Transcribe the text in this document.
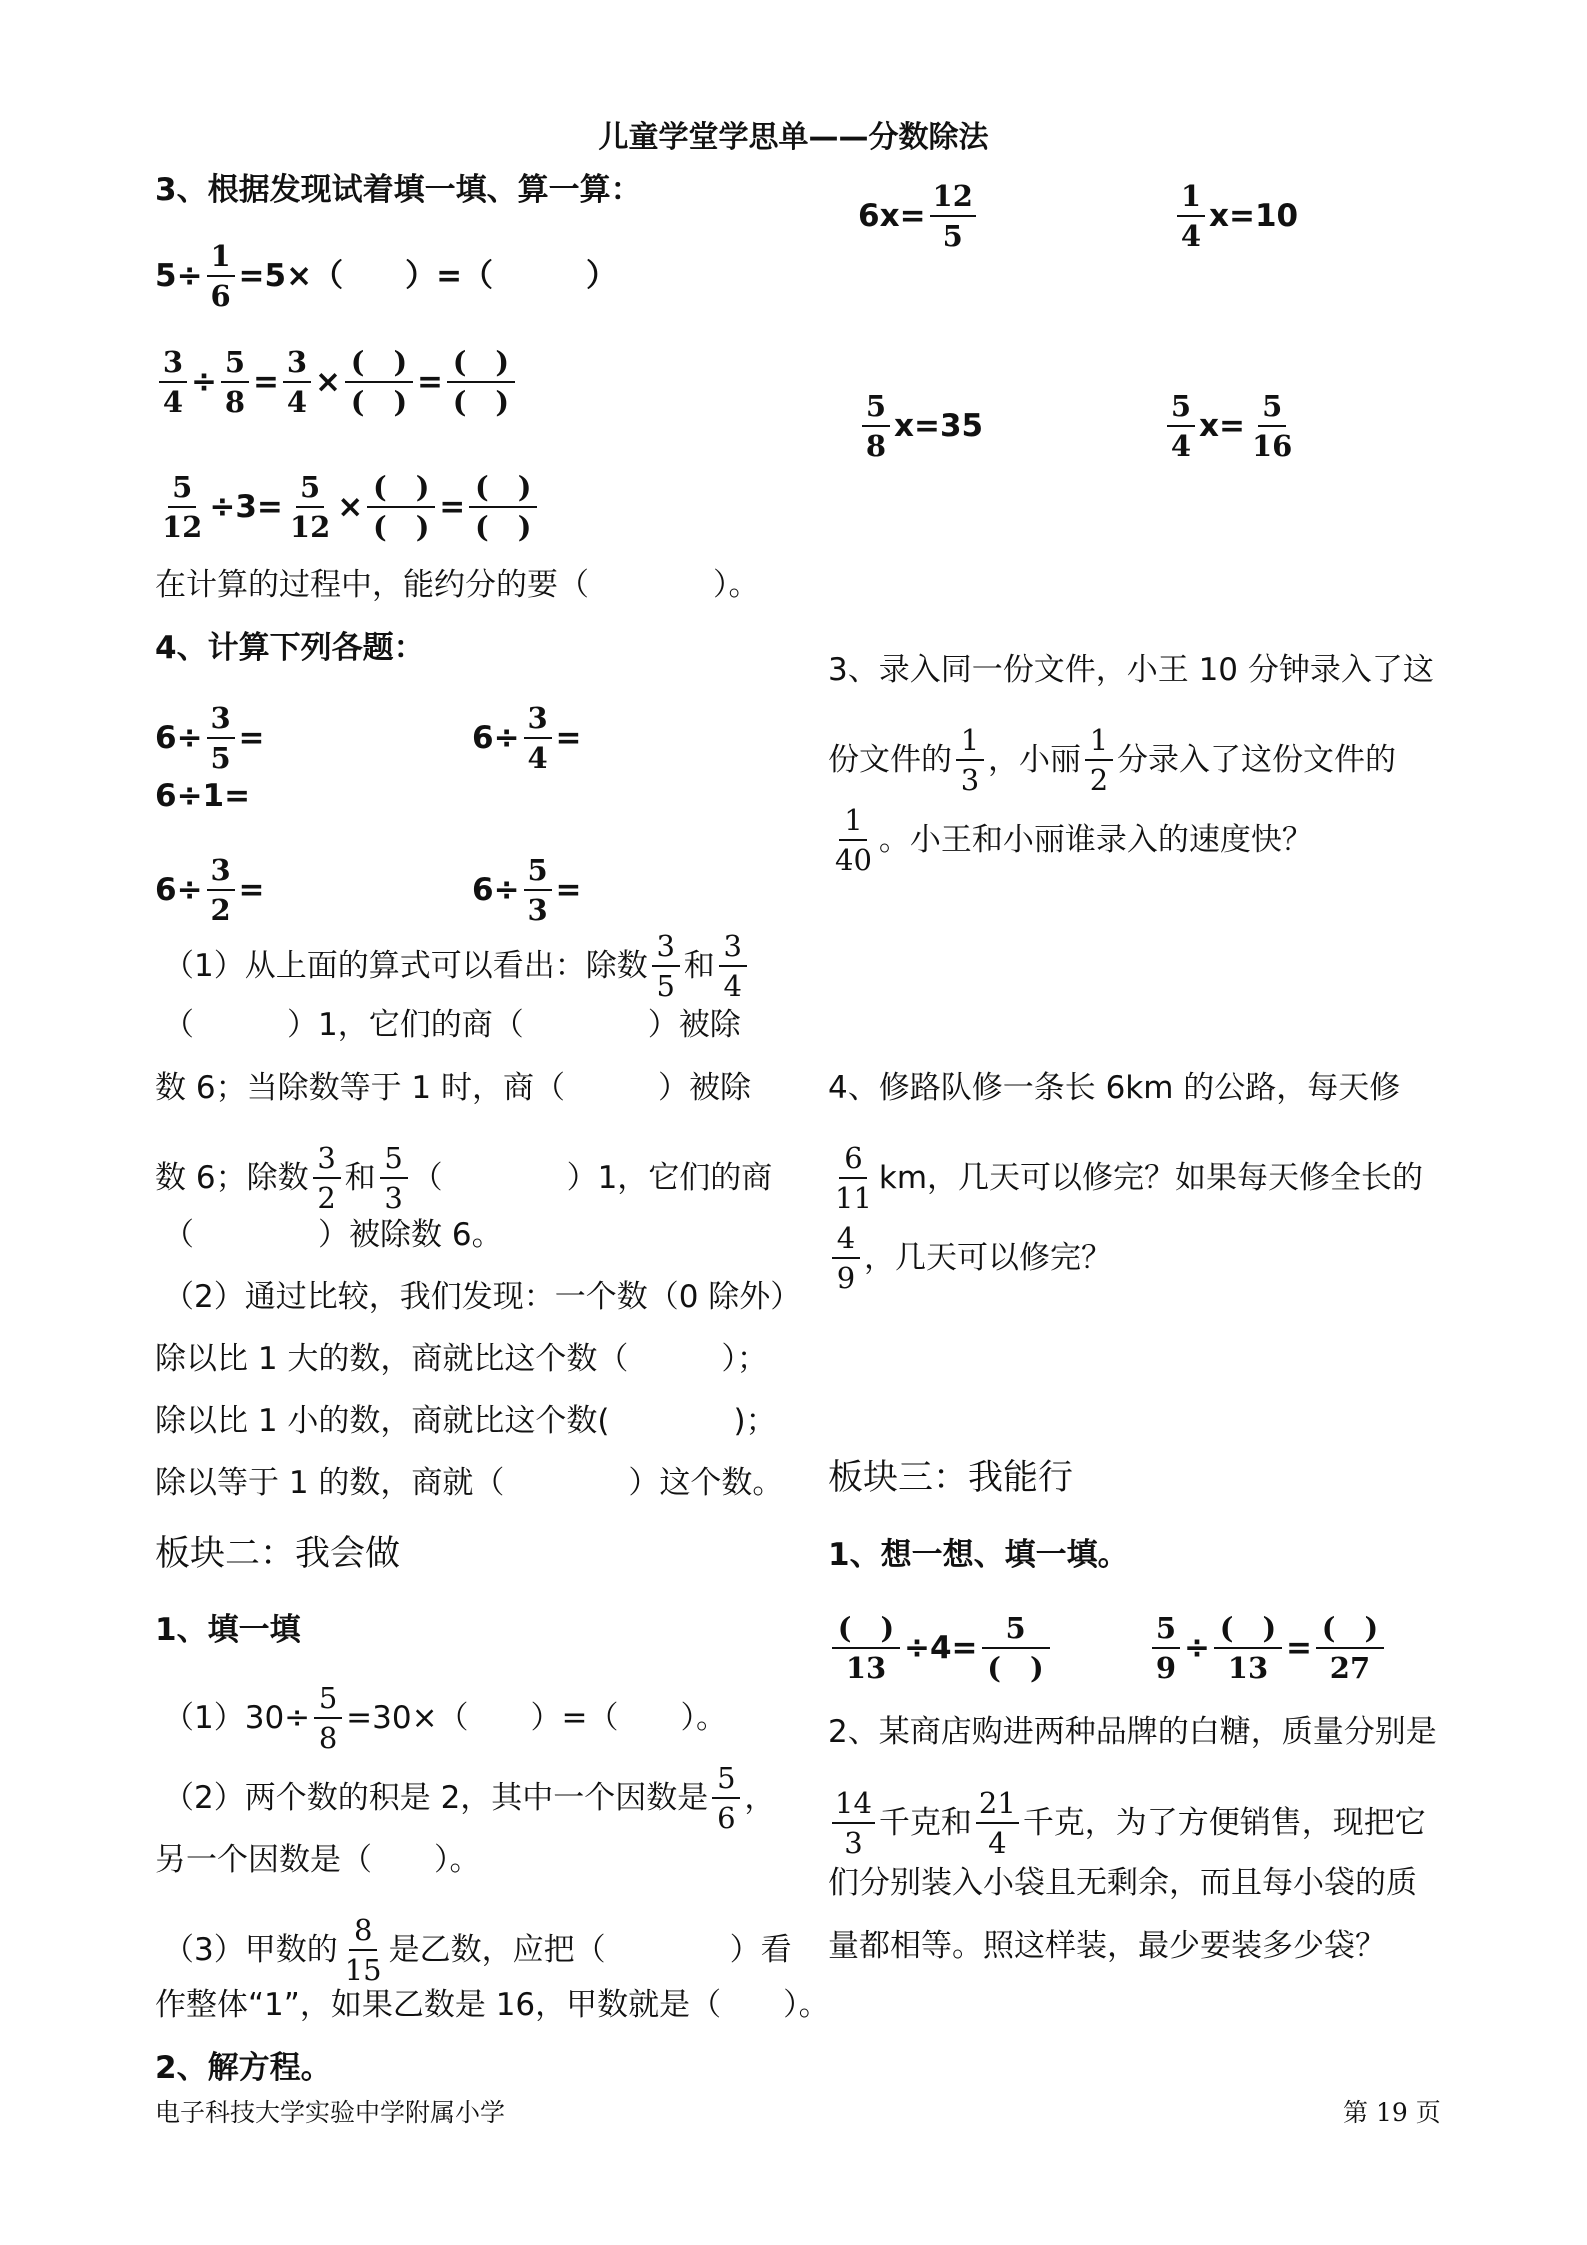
儿童学堂学思单——分数除法
3、根据发现试着填一填、算一算：
$5\div \frac{1}{6} =5\times$（　　）=（　　　）
$\frac{3}{4} \div \frac{5}{8} = \frac{3}{4} \times \frac{( )}{( )} = \frac{( )}{( )}$
$\frac{5}{12} \div 3= \frac{5}{12} \times \frac{( )}{( )} = \frac{( )}{( )}$
在计算的过程中，能约分的要（　　　　）。
4、计算下列各题：
$6\div \frac{3}{5}$ =	$6\div \frac{3}{4}$ =
6÷1=
$6\div \frac{3}{2}$ =	$6\div \frac{5}{3}$ =
（1）从上面的算式可以看出：除数 $\frac{3}{5}$ 和 $\frac{3}{4}$
（　　　）1，它们的商（　　　　）被除
数 6；当除数等于 1 时，商（　　　）被除
数 6；除数 $\frac{3}{2}$ 和 $\frac{5}{3}$ （　　　　）1，它们的商
（　　　　）被除数 6。
（2）通过比较，我们发现：一个数（0 除外）
除以比 1 大的数，商就比这个数（　　　）；
除以比 1 小的数，商就比这个数(　　　　)；
除以等于 1 的数，商就（　　　　）这个数。
板块二：我会做
1、填一填
$(1)30\div \frac{5}{8} =30\times$（　　）=（　　）。
（2）两个数的积是 2，其中一个因数是 $\frac{5}{6}$ ，
另一个因数是（　　）。
（3）甲数的 $\frac{8}{15}$ 是乙数，应把（　　　　）看
作整体“1”，如果乙数是 16，甲数就是（　　）。
2、解方程。
$6x= \frac{12}{5}$	$\frac{1}{4} x=10$
$\frac{5}{8} x=35$	$\frac{5}{4} x= \frac{5}{16}$
3、录入同一份文件，小王 10 分钟录入了这
份文件的 $\frac{1}{3}$ ，小丽 $\frac{1}{2}$ 分录入了这份文件的
$\frac{1}{40}$ 。小王和小丽谁录入的速度快？
4、修路队修一条长 6km 的公路，每天修
$\frac{6}{11}$ km，几天可以修完？如果每天修全长的
$\frac{4}{9}$ ，几天可以修完？
板块三：我能行
1、想一想、填一填。
$\frac{( )}{13} \div 4= \frac{5}{( )}$	$\frac{5}{9} \div \frac{( )}{13} = \frac{( )}{27}$
2、某商店购进两种品牌的白糖，质量分别是
$\frac{14}{3}$ 千克和 $\frac{21}{4}$ 千克，为了方便销售，现把它
们分别装入小袋且无剩余，而且每小袋的质
量都相等。照这样装，最少要装多少袋？
电子科技大学实验中学附属小学	第 19 页
